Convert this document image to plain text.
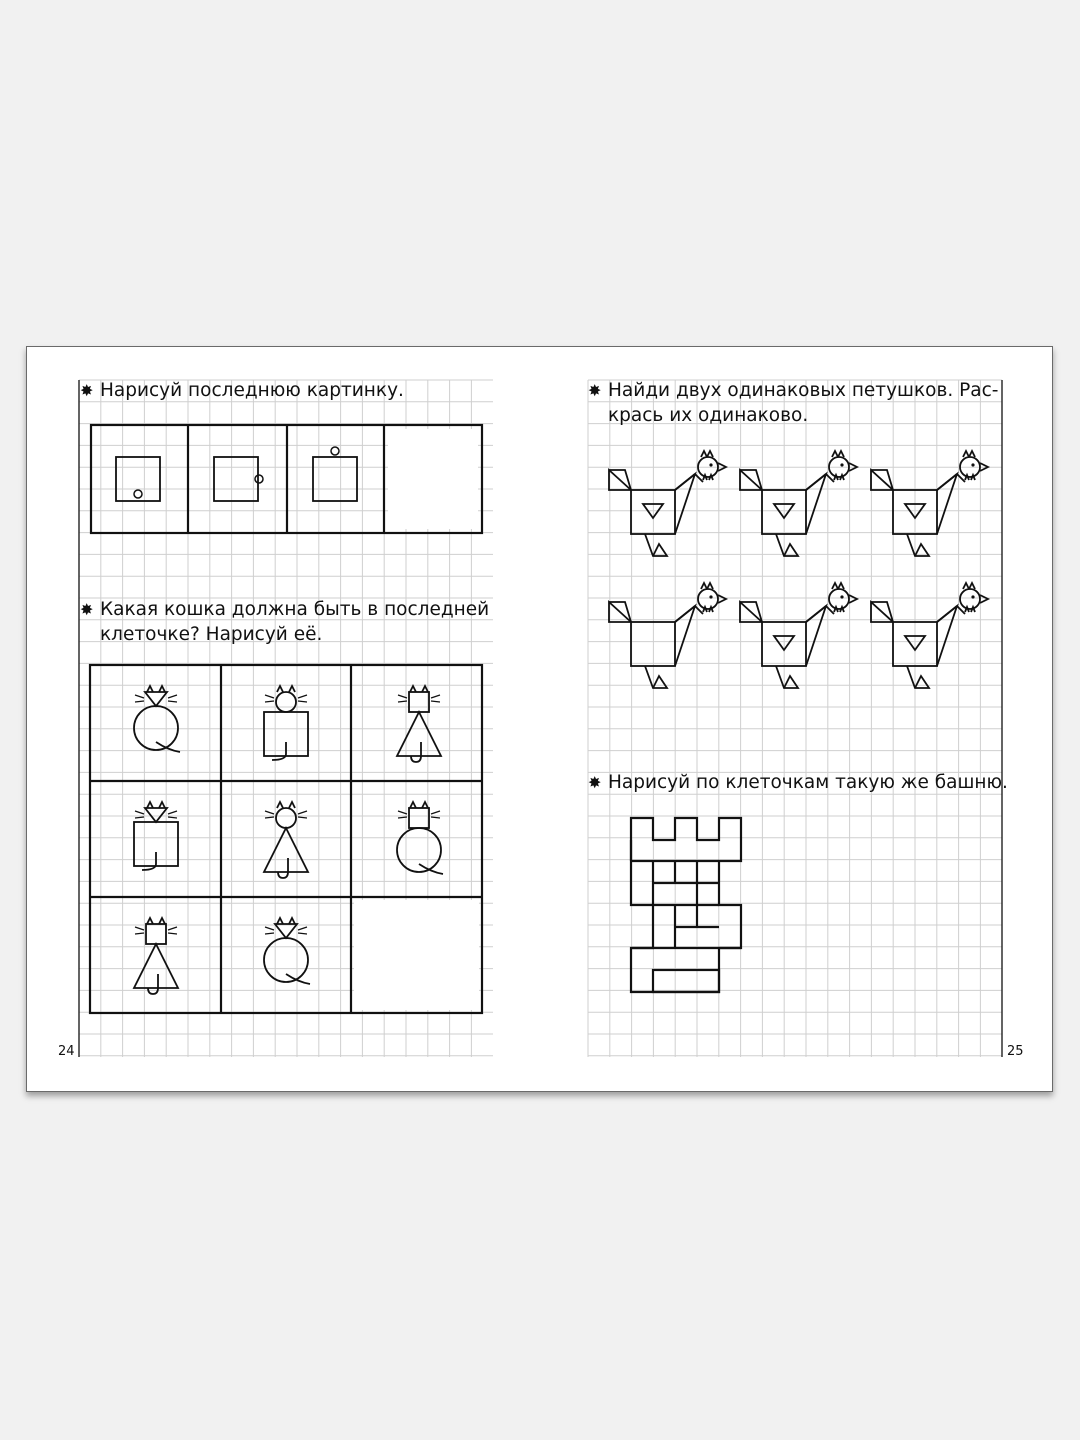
✸ Нарисуй последнюю картинку.

✸ Какая кошка должна быть в последней
клеточке? Нарисуй её.

✸ Найди двух одинаковых петушков. Рас-
крась их одинаково.

✸ Нарисуй по клеточкам такую же башню.

24	25
